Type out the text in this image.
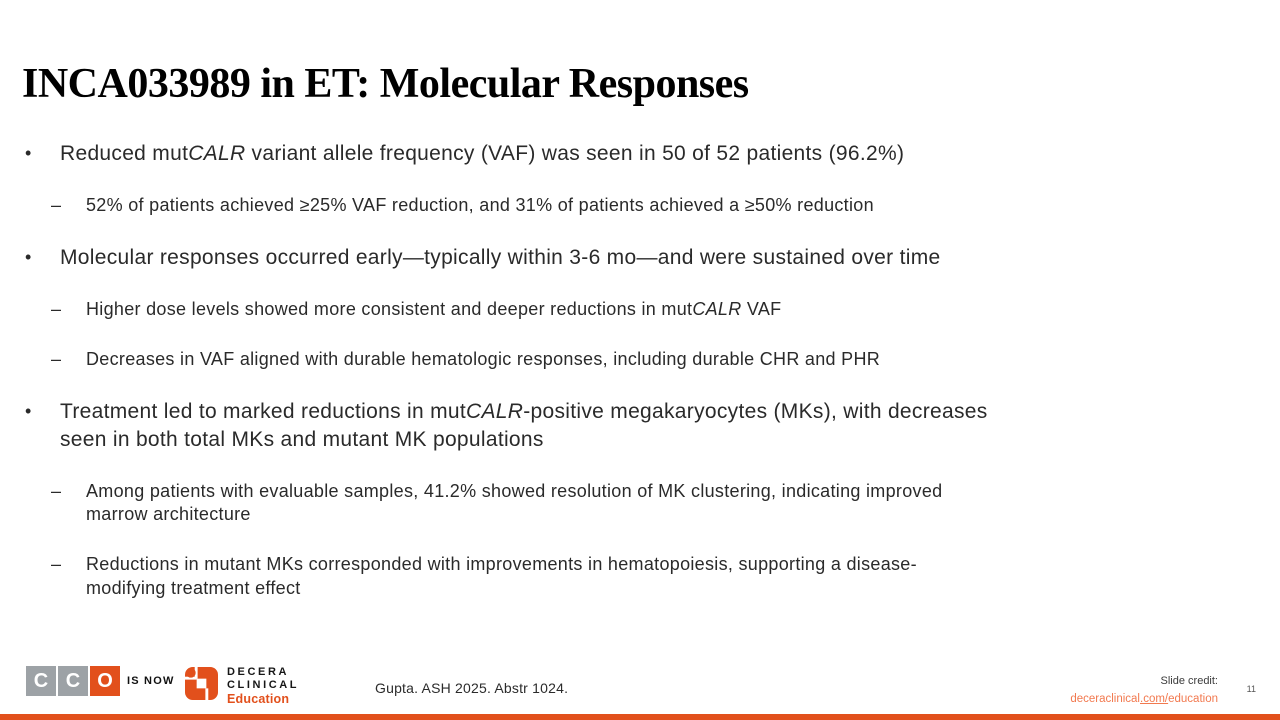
INCA033989 in ET: Molecular Responses
•	Reduced mutCALR variant allele frequency (VAF) was seen in 50 of 52 patients (96.2%)
–	52% of patients achieved ≥25% VAF reduction, and 31% of patients achieved a ≥50% reduction
•	Molecular responses occurred early—typically within 3-6 mo—and were sustained over time
–	Higher dose levels showed more consistent and deeper reductions in mutCALR VAF
–	Decreases in VAF aligned with durable hematologic responses, including durable CHR and PHR
•	Treatment led to marked reductions in mutCALR-positive megakaryocytes (MKs), with decreases
seen in both total MKs and mutant MK populations
–	Among patients with evaluable samples, 41.2% showed resolution of MK clustering, indicating improved
marrow architecture
–	Reductions in mutant MKs corresponded with improvements in hematopoiesis, supporting a disease-
modifying treatment effect
C C O	IS NOW
DECERA
CLINICAL
Education
Gupta. ASH 2025. Abstr 1024.	Slide credit:
deceraclinical.com/education
11
